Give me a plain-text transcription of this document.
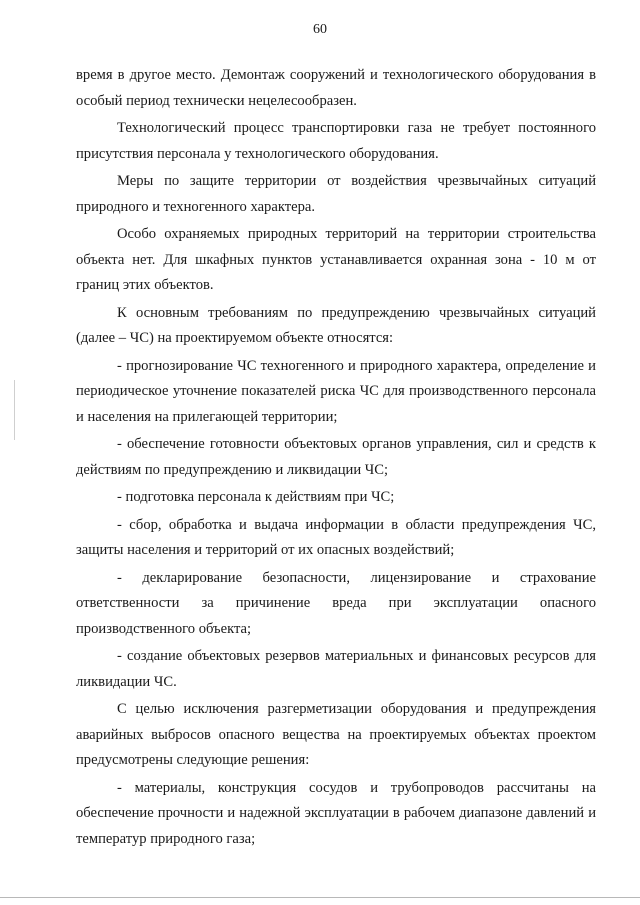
60

время в другое место. Демонтаж сооружений и технологического оборудования в особый период технически нецелесообразен.

Технологический процесс транспортировки газа не требует постоянного присутствия персонала у технологического оборудования.

Меры по защите территории от воздействия чрезвычайных ситуаций природного и техногенного характера.

Особо охраняемых природных территорий на территории строительства объекта нет. Для шкафных пунктов устанавливается охранная зона - 10 м от границ этих объектов.

К основным требованиям по предупреждению чрезвычайных ситуаций (далее – ЧС) на проектируемом объекте относятся:

- прогнозирование ЧС техногенного и природного характера, определение и периодическое уточнение показателей риска ЧС для производственного персонала и населения на прилегающей территории;

- обеспечение готовности объектовых органов управления, сил и средств к действиям по предупреждению и ликвидации ЧС;

- подготовка персонала к действиям при ЧС;

- сбор, обработка и выдача информации в области предупреждения ЧС, защиты населения и территорий от их опасных воздействий;

- декларирование безопасности, лицензирование и страхование ответственности за причинение вреда при эксплуатации опасного производственного объекта;

- создание объектовых резервов материальных и финансовых ресурсов для ликвидации ЧС.

С целью исключения разгерметизации оборудования и предупреждения аварийных выбросов опасного вещества на проектируемых объектах проектом предусмотрены следующие решения:

- материалы, конструкция сосудов и трубопроводов рассчитаны на обеспечение прочности и надежной эксплуатации в рабочем диапазоне давлений и температур природного газа;
